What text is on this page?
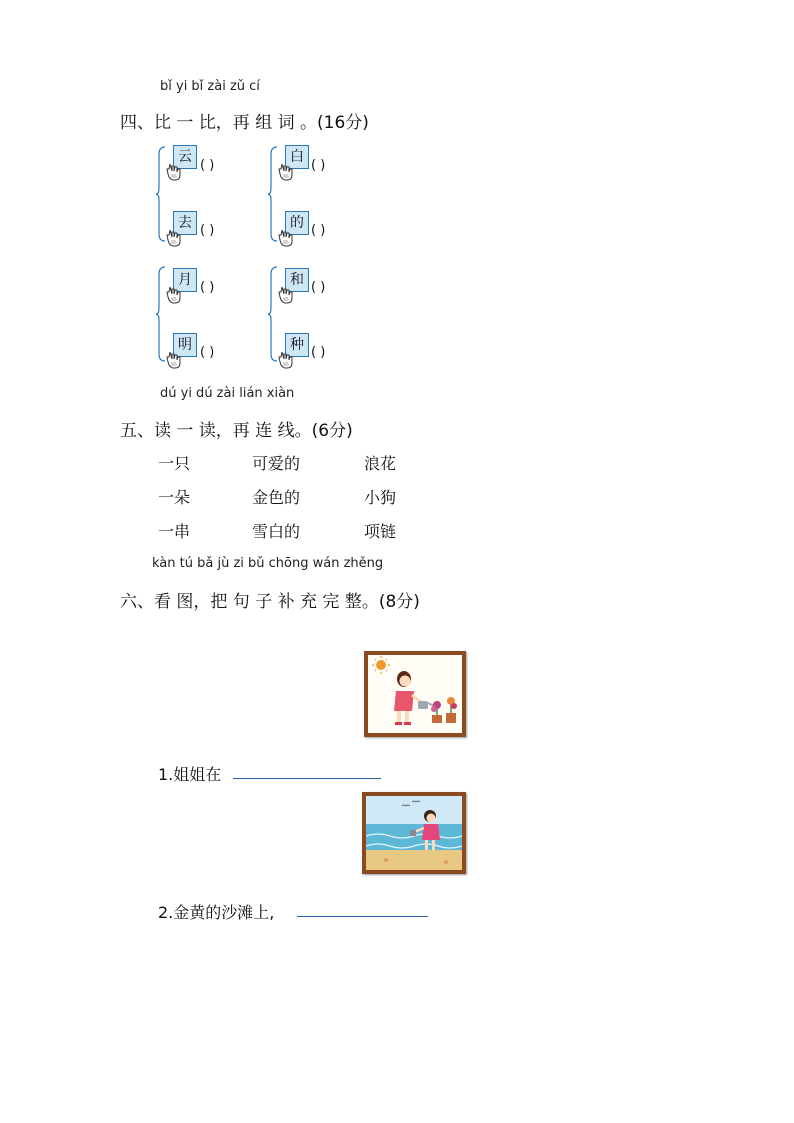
bǐ yi bǐ zài zǔ cí
四、比 一 比，再 组 词 。(16分)
云
去
白
的
月
明
和
种
( )
( )
( )
( )
( )
( )
( )
( )
dú yi dú zài lián xiàn
五、读 一 读，再 连 线。(6分)
一只
一朵
一串
可爱的
金色的
雪白的
浪花
小狗
项链
kàn tú bǎ jù zi bǔ chōng wán zhěng
六、看 图，把 句 子 补 充 完 整。(8分)
1.姐姐在
2.金黄的沙滩上,
